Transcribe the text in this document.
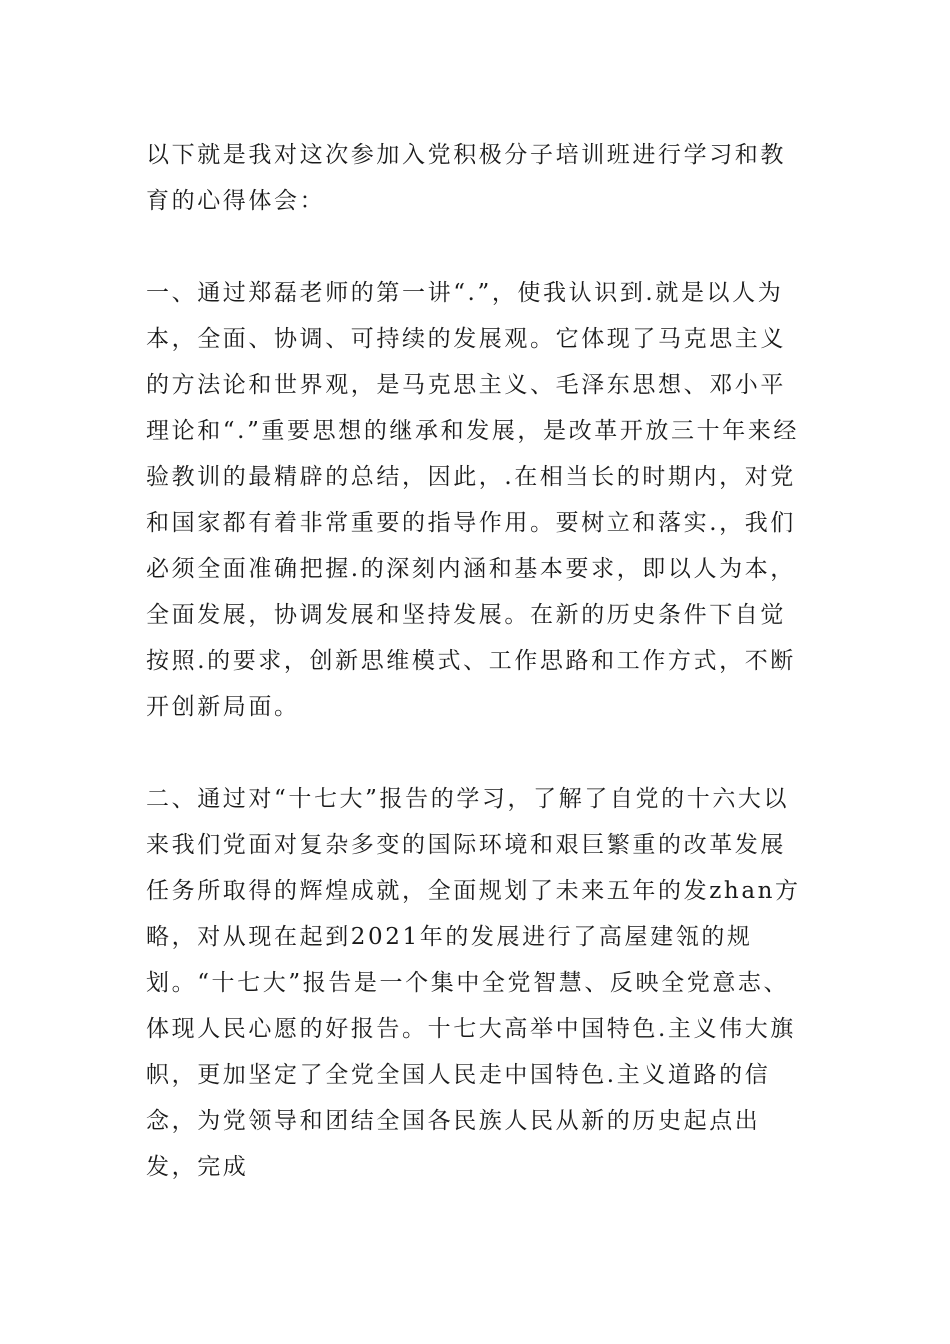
以下就是我对这次参加入党积极分子培训班进行学习和教育的心得体会：

一、通过郑磊老师的第一讲“.”，使我认识到.就是以人为本，全面、协调、可持续的发展观。它体现了马克思主义的方法论和世界观，是马克思主义、毛泽东思想、邓小平理论和“.”重要思想的继承和发展，是改革开放三十年来经验教训的最精辟的总结，因此，.在相当长的时期内，对党和国家都有着非常重要的指导作用。要树立和落实.，我们必须全面准确把握.的深刻内涵和基本要求，即以人为本，全面发展，协调发展和坚持发展。在新的历史条件下自觉按照.的要求，创新思维模式、工作思路和工作方式，不断开创新局面。

二、通过对“十七大”报告的学习，了解了自党的十六大以来我们党面对复杂多变的国际环境和艰巨繁重的改革发展任务所取得的辉煌成就，全面规划了未来五年的发zhan方略，对从现在起到2021年的发展进行了高屋建瓴的规划。“十七大”报告是一个集中全党智慧、反映全党意志、体现人民心愿的好报告。十七大高举中国特色.主义伟大旗帜，更加坚定了全党全国人民走中国特色.主义道路的信念，为党领导和团结全国各民族人民从新的历史起点出发，完成
